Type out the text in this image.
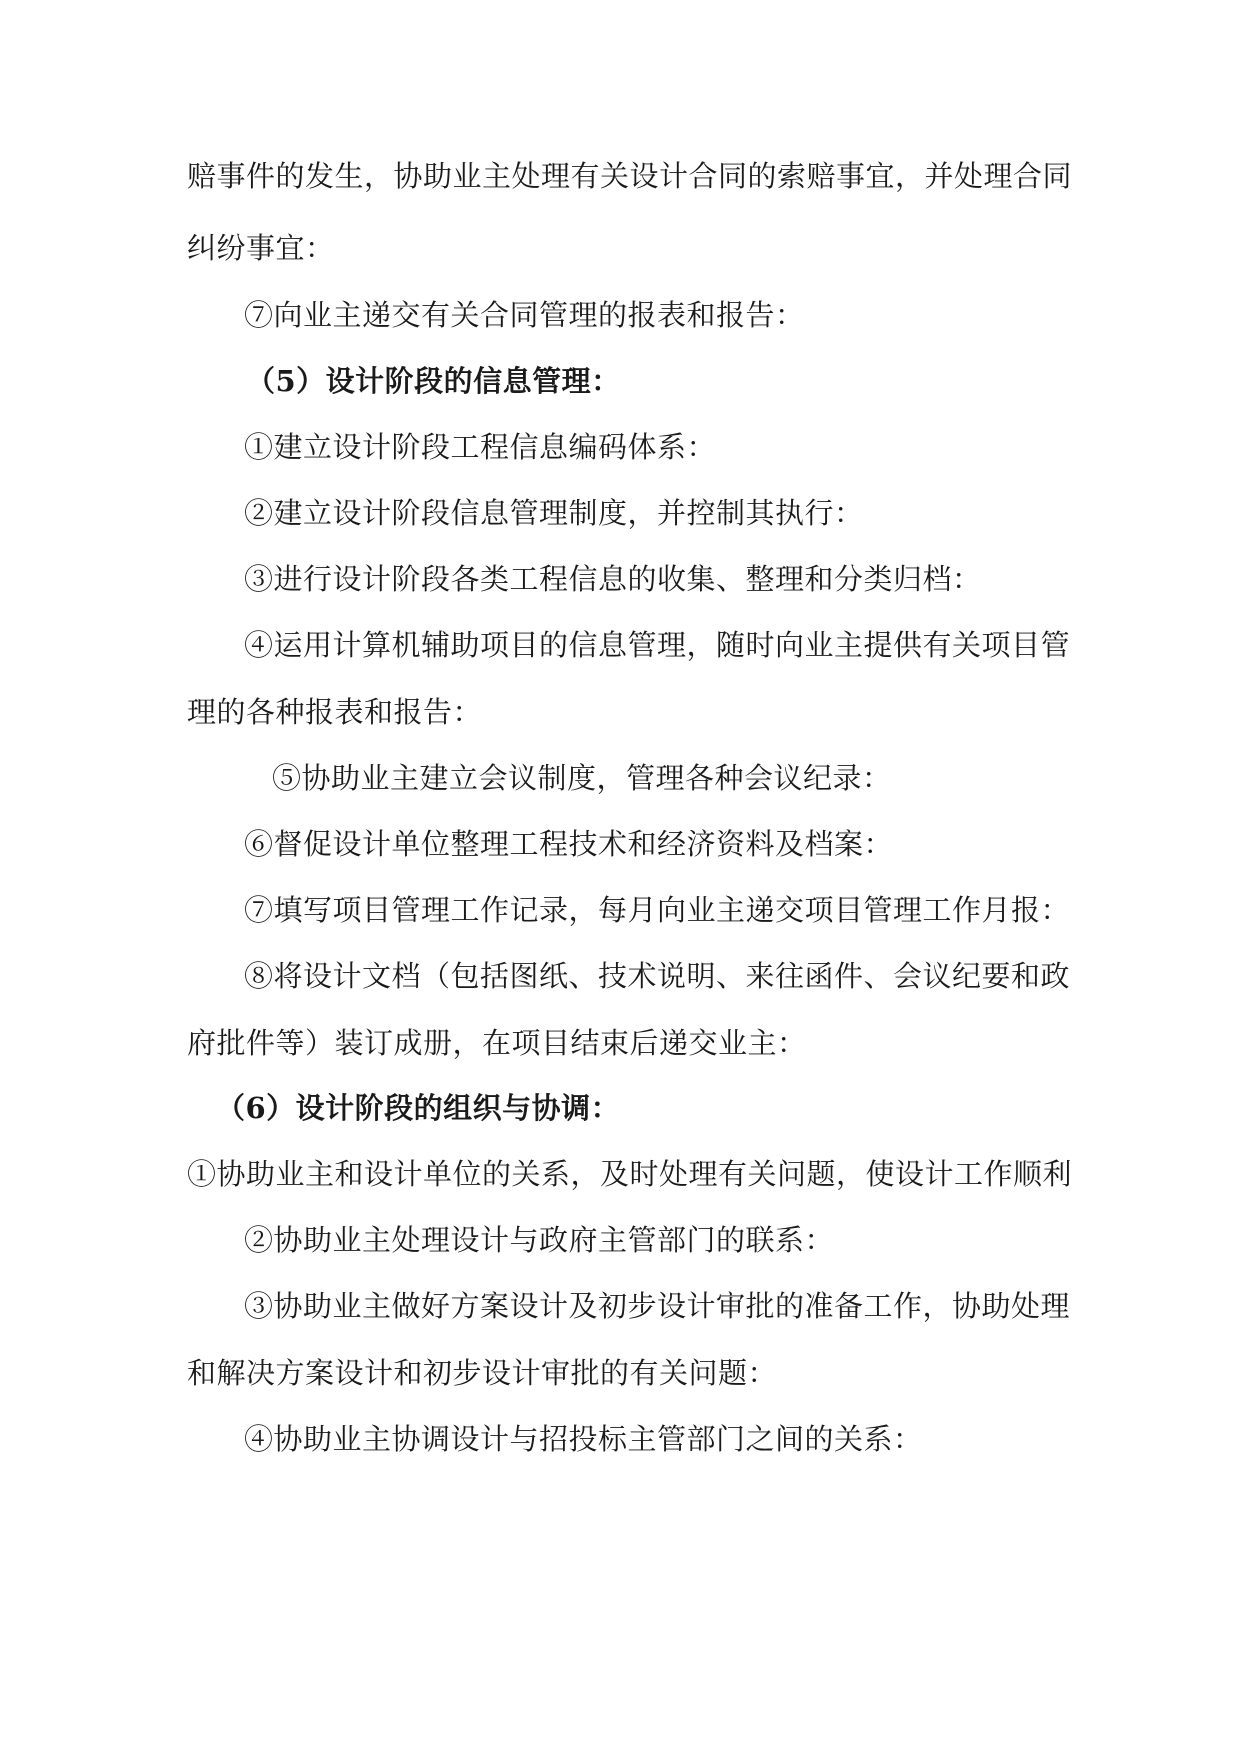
赔事件的发生，协助业主处理有关设计合同的索赔事宜，并处理合同
纠纷事宜：
⑦向业主递交有关合同管理的报表和报告：
（5）设计阶段的信息管理：
①建立设计阶段工程信息编码体系：
②建立设计阶段信息管理制度，并控制其执行：
③进行设计阶段各类工程信息的收集、整理和分类归档：
④运用计算机辅助项目的信息管理，随时向业主提供有关项目管
理的各种报表和报告：
⑤协助业主建立会议制度，管理各种会议纪录：
⑥督促设计单位整理工程技术和经济资料及档案：
⑦填写项目管理工作记录，每月向业主递交项目管理工作月报：
⑧将设计文档（包括图纸、技术说明、来往函件、会议纪要和政
府批件等）装订成册，在项目结束后递交业主：
（6）设计阶段的组织与协调：
①协助业主和设计单位的关系，及时处理有关问题，使设计工作顺利
②协助业主处理设计与政府主管部门的联系：
③协助业主做好方案设计及初步设计审批的准备工作，协助处理
和解决方案设计和初步设计审批的有关问题：
④协助业主协调设计与招投标主管部门之间的关系：
